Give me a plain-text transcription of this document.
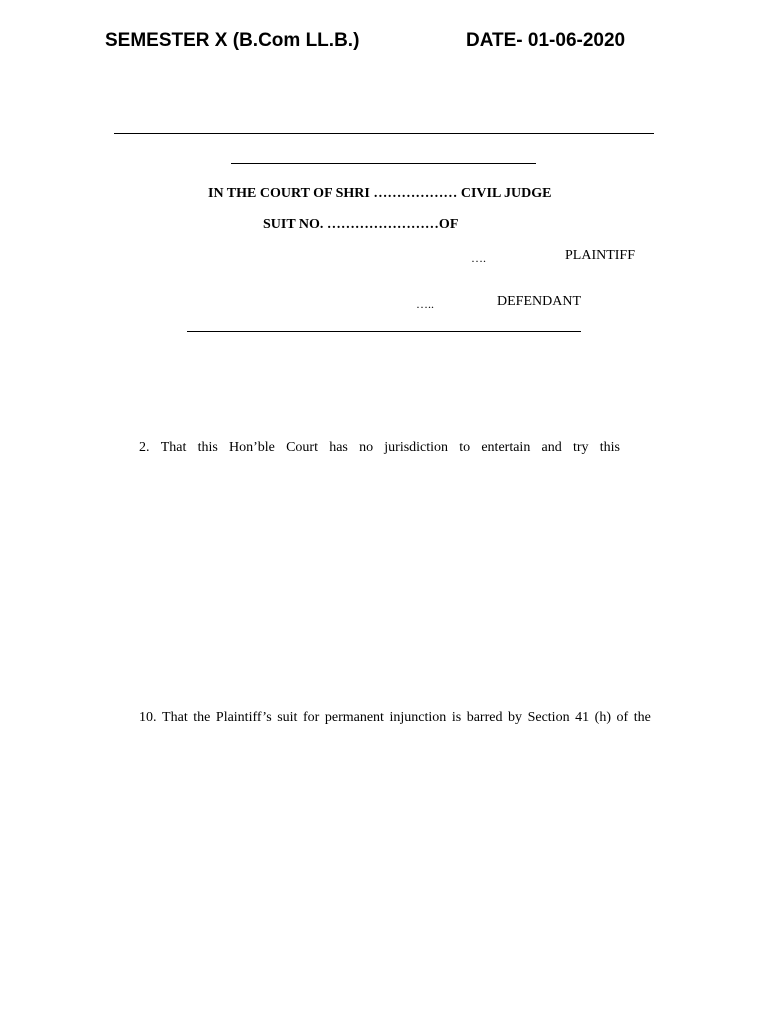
SEMESTER X (B.Com LL.B.)	DATE- 01-06-2020
IN THE COURT OF SHRI ……………… CIVIL JUDGE
SUIT NO. ……………………OF
….	PLAINTIFF
…..	DEFENDANT
2. That this Hon’ble Court has no jurisdiction to entertain and try this
10. That the Plaintiff’s suit for permanent injunction is barred by Section 41 (h) of the
